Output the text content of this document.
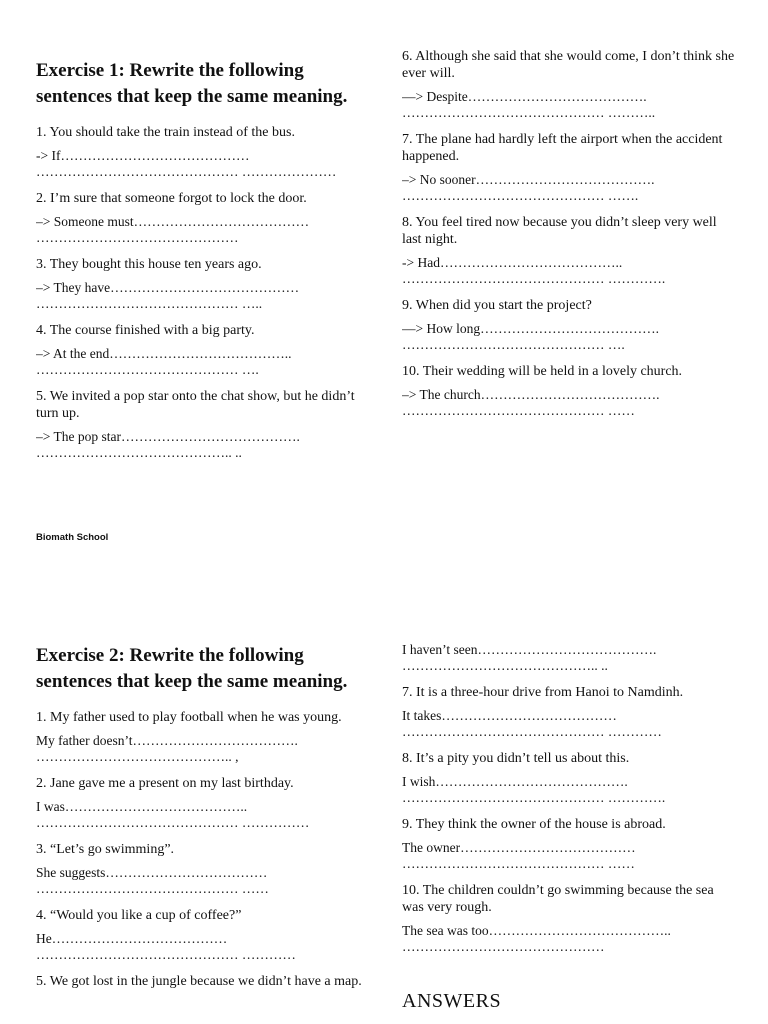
Exercise 1: Rewrite the following sentences that keep the same meaning.
1. You should take the train instead of the bus.
-> If……………………………………
……………………………………… …………………
2. I’m sure that someone forgot to lock the door.
–> Someone must…………………………………
………………………………………
3. They bought this house ten years ago.
–> They have……………………………………
……………………………………… …..
4. The course finished with a big party.
–> At the end…………………………………..
……………………………………… ….
5. We invited a pop star onto the chat show, but he didn’t turn up.
–> The pop star………………………………….
…………………………………….. ..
6. Although she said that she would come, I don’t think she ever will.
—> Despite………………………………….
……………………………………… ………..
7. The plane had hardly left the airport when the accident happened.
–> No sooner………………………………….
……………………………………… …….
8. You feel tired now because you didn’t sleep very well last night.
-> Had…………………………………..
……………………………………… ………….
9. When did you start the project?
—> How long………………………………….
……………………………………… ….
10. Their wedding will be held in a lovely church.
–> The church………………………………….
……………………………………… ……
Biomath School
Exercise 2: Rewrite the following sentences that keep the same meaning.
1. My father used to play football when he was young.
My father doesn’t……………………………….
…………………………………….. ,
2. Jane gave me a present on my last birthday.
I was…………………………………..
……………………………………… ……………
3. “Let’s go swimming”.
She suggests………………………………
……………………………………… ……
4. “Would you like a cup of coffee?”
He…………………………………
……………………………………… …………
5. We got lost in the jungle because we didn’t have a map.
I haven’t seen………………………………….
…………………………………….. ..
7. It is a three-hour drive from Hanoi to Namdinh.
It takes…………………………………
……………………………………… …………
8. It’s a pity you didn’t tell us about this.
I wish…………………………………….
……………………………………… ………….
9. They think the owner of the house is abroad.
The owner…………………………………
……………………………………… ……
10. The children couldn’t go swimming because the sea was very rough.
The sea was too…………………………………..
………………………………………
ANSWERS
